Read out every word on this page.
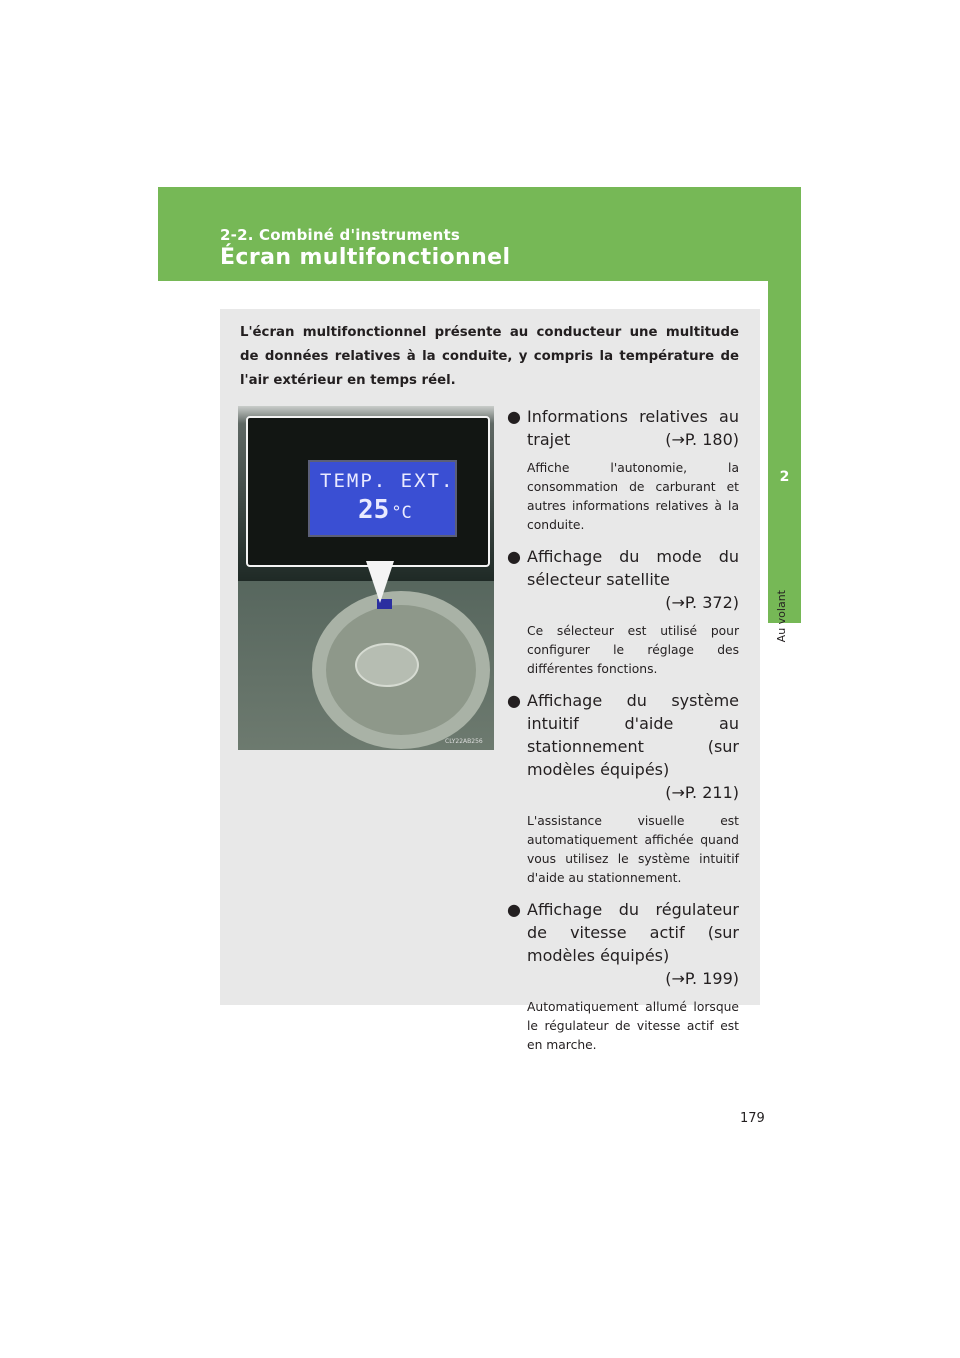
2-2. Combiné d'instruments
Écran multifonctionnel
2
Au volant

L'écran multifonctionnel présente au conducteur une multitude de données relatives à la conduite, y compris la température de l'air extérieur en temps réel.

TEMP. EXT.
25 °C
CLY22AB256
● Informations relatives au trajet	(→P. 180)
Affiche l'autonomie, la consommation de carburant et autres informations relatives à la conduite.
● Affichage du mode du sélecteur satellite
(→P. 372)
Ce sélecteur est utilisé pour configurer le réglage des différentes fonctions.
● Affichage du système intuitif d'aide au stationnement (sur modèles équipés)
(→P. 211)
L'assistance visuelle est automatiquement affichée quand vous utilisez le système intuitif d'aide au stationnement.
● Affichage du régulateur de vitesse actif (sur modèles équipés)
(→P. 199)
Automatiquement allumé lorsque le régulateur de vitesse actif est en marche.
179
